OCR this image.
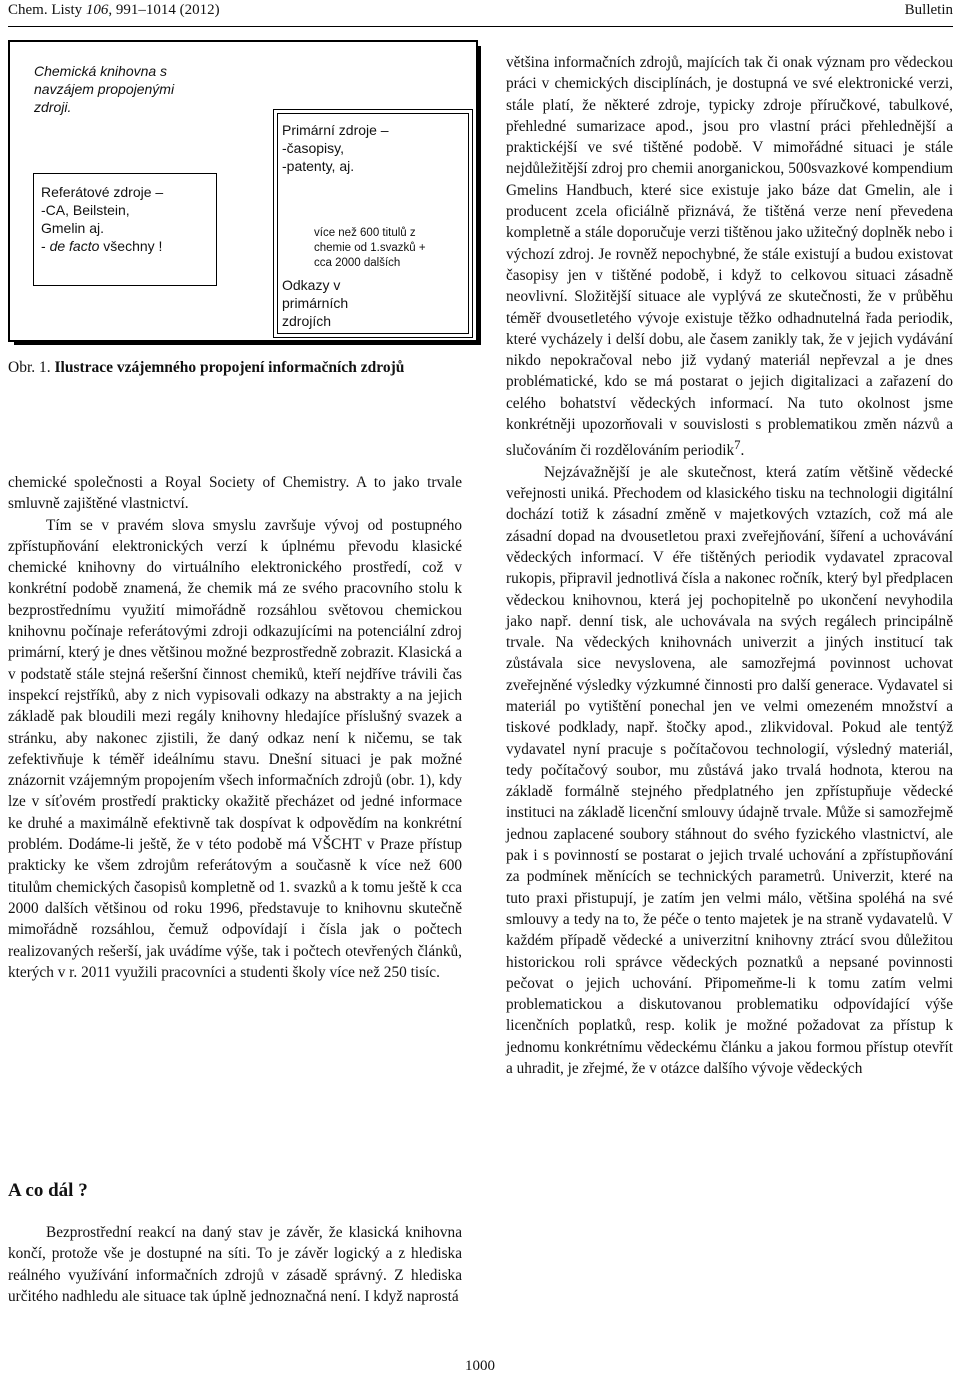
Chem. Listy 106, 991–1014 (2012)	Bulletin
Chemická knihovna s
navzájem propojenými
zdroji.
Referátové zdroje –
-CA, Beilstein,
Gmelin aj.
- de facto všechny !
Primární zdroje –
-časopisy,
-patenty, aj.
více než 600 titulů z
chemie od 1.svazků +
cca 2000 dalších
Odkazy v
primárních
zdrojích
Obr. 1. Ilustrace vzájemného propojení informačních zdrojů

chemické společnosti a Royal Society of Chemistry. A to jako trvale smluvně zajištěné vlastnictví.

Tím se v pravém slova smyslu završuje vývoj od postupného zpřístupňování elektronických verzí k úplnému převodu klasické chemické knihovny do virtuálního elektronického prostředí, což v konkrétní podobě znamená, že chemik má ze svého pracovního stolu k bezprostřednímu využití mimořádně rozsáhlou světovou chemickou knihovnu počínaje referátovými zdroji odkazujícími na potenciální zdroj primární, který je dnes většinou možné bezprostředně zobrazit. Klasická a v podstatě stále stejná rešeršní činnost chemiků, kteří nejdříve trávili čas inspekcí rejstříků, aby z nich vypisovali odkazy na abstrakty a na jejich základě pak bloudili mezi regály knihovny hledajíce příslušný svazek a stránku, aby nakonec zjistili, že daný odkaz není k ničemu, se tak zefektivňuje k téměř ideálnímu stavu. Dnešní situaci je pak možné znázornit vzájemným propojením všech informačních zdrojů (obr. 1), kdy lze v síťovém prostředí prakticky okažitě přecházet od jedné informace ke druhé a maximálně efektivně tak dospívat k odpovědím na konkrétní problém. Dodáme-li ještě, že v této podobě má VŠCHT v Praze přístup prakticky ke všem zdrojům referátovým a současně k více než 600 titulům chemických časopisů kompletně od 1. svazků a k tomu ještě k cca 2000 dalších většinou od roku 1996, představuje to knihovnu skutečně mimořádně rozsáhlou, čemuž odpovídají i čísla jak o počtech realizovaných rešerší, jak uvádíme výše, tak i počtech otevřených článků, kterých v r. 2011 využili pracovníci a studenti školy více než 250 tisíc.

A co dál ?

Bezprostřední reakcí na daný stav je závěr, že klasická knihovna končí, protože vše je dostupné na síti. To je závěr logický a z hlediska reálného využívání informačních zdrojů v zásadě správný. Z hlediska určitého nadhledu ale situace tak úplně jednoznačná není. I když naprostá

většina informačních zdrojů, majících tak či onak význam pro vědeckou práci v chemických disciplínách, je dostupná ve své elektronické verzi, stále platí, že některé zdroje, typicky zdroje příručkové, tabulkové, přehledné sumarizace apod., jsou pro vlastní práci přehlednější a praktickéjší ve své tištěné podobě. V mimořádné situaci je stále nejdůležitější zdroj pro chemii anorganickou, 500svazkové kompendium Gmelins Handbuch, které sice existuje jako báze dat Gmelin, ale i producent zcela oficiálně přiznává, že tištěná verze není převedena kompletně a stále doporučuje verzi tištěnou jako užitečný doplněk nebo i výchozí zdroj. Je rovněž nepochybné, že stále existují a budou existovat časopisy jen v tištěné podobě, i když to celkovou situaci zásadně neovlivní. Složitější situace ale vyplývá ze skutečnosti, že v průběhu téměř dvousetletého vývoje existuje těžko odhadnutelná řada periodik, které vycházely i delší dobu, ale časem zanikly tak, že v jejich vydávání nikdo nepokračoval nebo již vydaný materiál nepřevzal a je dnes problématické, kdo se má postarat o jejich digitalizaci a zařazení do celého bohatství vědeckých informací. Na tuto okolnost jsme konkrétněji upozorňovali v souvislosti s problematikou změn názvů a slučováním či rozdělováním periodik$^7$.

Nejzávažnější je ale skutečnost, která zatím většině vědecké veřejnosti uniká. Přechodem od klasického tisku na technologii digitální dochází totiž k zásadní změně v majetkových vztazích, což má ale zásadní dopad na dvousetletou praxi zveřejňování, šíření a uchovávání vědeckých informací. V éře tištěných periodik vydavatel zpracoval rukopis, připravil jednotlivá čísla a nakonec ročník, který byl předplacen vědeckou knihovnou, která jej pochopitelně po ukončení nevyhodila jako např. denní tisk, ale uchovávala na svých regálech principálně trvale. Na vědeckých knihovnách univerzit a jiných institucí tak zůstávala sice nevyslovena, ale samozřejmá povinnost uchovat zveřejněné výsledky výzkumné činnosti pro další generace. Vydavatel si materiál po vytištění ponechal jen ve velmi omezeném množství a tiskové podklady, např. štočky apod., zlikvidoval. Pokud ale tentýž vydavatel nyní pracuje s počítačovou technologií, výsledný materiál, tedy počítačový soubor, mu zůstává jako trvalá hodnota, kterou na základě formálně stejného předplatného jen zpřístupňuje vědecké instituci na základě licenční smlouvy údajně trvale. Může si samozřejmě jednou zaplacené soubory stáhnout do svého fyzického vlastnictví, ale pak i s povinností se postarat o jejich trvalé uchování a zpřístupňování za podmínek měnících se technických parametrů. Univerzit, které na tuto praxi přistupují, je zatím jen velmi málo, většina spoléhá na své smlouvy a tedy na to, že péče o tento majetek je na straně vydavatelů. V každém případě vědecké a univerzitní knihovny ztrácí svou důležitou historickou roli správce vědeckých poznatků a nepsané povinnosti pečovat o jejich uchování. Připomeňme-li k tomu zatím velmi problematickou a diskutovanou problematiku odpovídající výše licenčních poplatků, resp. kolik je možné požadovat za přístup k jednomu konkrétnímu vědeckému článku a jakou formou přístup otevřít a uhradit, je zřejmé, že v otázce dalšího vývoje vědeckých

1000
